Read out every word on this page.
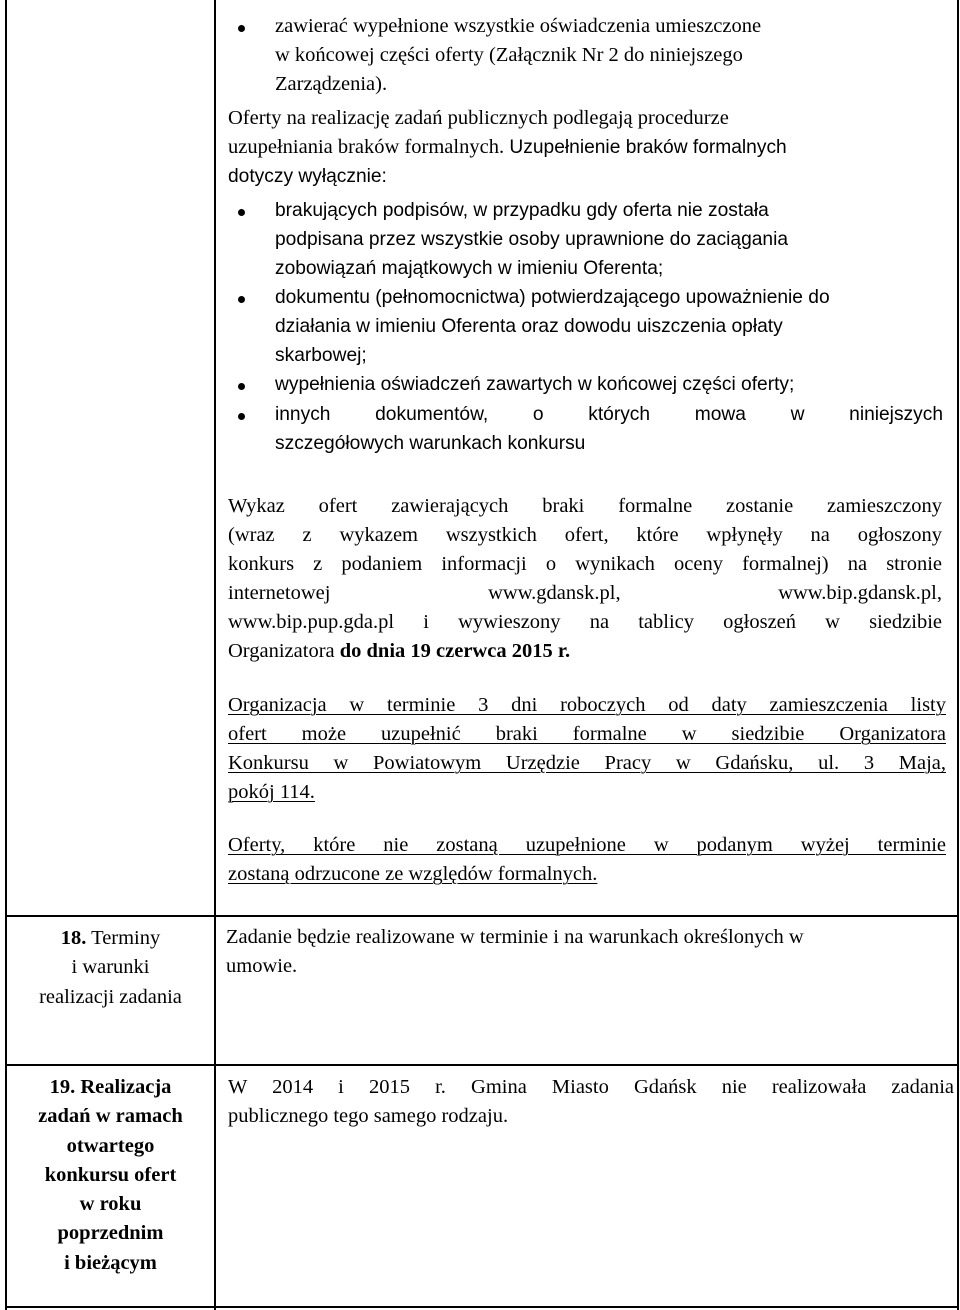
zawierać wypełnione wszystkie oświadczenia umieszczone

w końcowej części oferty (Załącznik Nr 2 do niniejszego

Zarządzenia).

Oferty na realizację zadań publicznych podlegają procedurze

uzupełniania braków formalnych. Uzupełnienie braków formalnych

dotyczy wyłącznie:

brakujących podpisów, w przypadku gdy oferta nie została

podpisana przez wszystkie osoby uprawnione do zaciągania

zobowiązań majątkowych w imieniu Oferenta;

dokumentu (pełnomocnictwa) potwierdzającego upoważnienie do

działania w imieniu Oferenta oraz dowodu uiszczenia opłaty

skarbowej;

wypełnienia oświadczeń zawartych w końcowej części oferty;

innych dokumentów, o których mowa w niniejszych

szczegółowych warunkach konkursu

Wykaz ofert zawierających braki formalne zostanie zamieszczony

(wraz z wykazem wszystkich ofert, które wpłynęły na ogłoszony

konkurs z podaniem informacji o wynikach oceny formalnej) na stronie

internetowej www.gdansk.pl, www.bip.gdansk.pl,

www.bip.pup.gda.pl i wywieszony na tablicy ogłoszeń w siedzibie

Organizatora do dnia 19 czerwca 2015 r.

Organizacja w terminie 3 dni roboczych od daty zamieszczenia listy

ofert może uzupełnić braki formalne w siedzibie Organizatora

Konkursu w Powiatowym Urzędzie Pracy w Gdańsku, ul. 3 Maja,

pokój 114.

Oferty, które nie zostaną uzupełnione w podanym wyżej terminie

zostaną odrzucone ze względów formalnych.

18. Terminy
i warunki
realizacji zadania

Zadanie będzie realizowane w terminie i na warunkach określonych w

umowie.

19. Realizacja
zadań w ramach
otwartego
konkursu ofert
w roku
poprzednim
i bieżącym

W 2014 i 2015 r. Gmina Miasto Gdańsk nie realizowała zadania

publicznego tego samego rodzaju.
